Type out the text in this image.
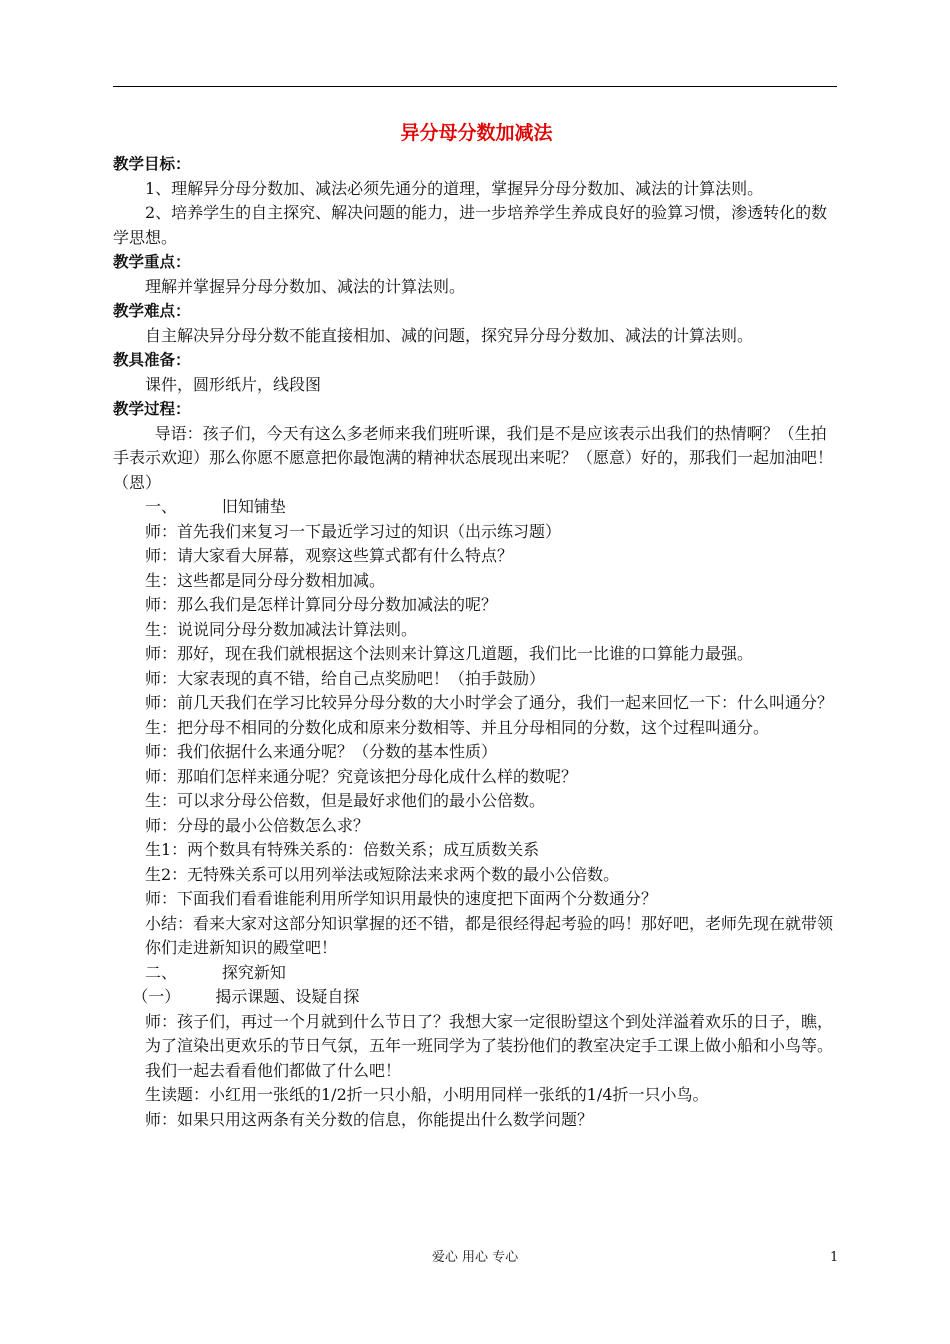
异分母分数加减法

教学目标：

1、理解异分母分数加、减法必须先通分的道理，掌握异分母分数加、减法的计算法则。

2、培养学生的自主探究、解决问题的能力，进一步培养学生养成良好的验算习惯，渗透转化的数学思想。

教学重点：

理解并掌握异分母分数加、减法的计算法则。

教学难点：

自主解决异分母分数不能直接相加、减的问题，探究异分母分数加、减法的计算法则。

教具准备：

课件，圆形纸片，线段图

教学过程：

导语：孩子们，今天有这么多老师来我们班听课，我们是不是应该表示出我们的热情啊？（生拍手表示欢迎）那么你愿不愿意把你最饱满的精神状态展现出来呢？（愿意）好的，那我们一起加油吧！（恩）

一、	旧知铺垫

师：首先我们来复习一下最近学习过的知识（出示练习题）

师：请大家看大屏幕，观察这些算式都有什么特点？

生：这些都是同分母分数相加减。

师：那么我们是怎样计算同分母分数加减法的呢？

生：说说同分母分数加减法计算法则。

师：那好，现在我们就根据这个法则来计算这几道题，我们比一比谁的口算能力最强。

师：大家表现的真不错，给自己点奖励吧！（拍手鼓励）

师：前几天我们在学习比较异分母分数的大小时学会了通分，我们一起来回忆一下：什么叫通分？

生：把分母不相同的分数化成和原来分数相等、并且分母相同的分数，这个过程叫通分。

师：我们依据什么来通分呢？（分数的基本性质）

师：那咱们怎样来通分呢？究竟该把分母化成什么样的数呢？

生：可以求分母公倍数，但是最好求他们的最小公倍数。

师：分母的最小公倍数怎么求？

生1：两个数具有特殊关系的：倍数关系；成互质数关系

生2：无特殊关系可以用列举法或短除法来求两个数的最小公倍数。

师：下面我们看看谁能利用所学知识用最快的速度把下面两个分数通分？

小结：看来大家对这部分知识掌握的还不错，都是很经得起考验的吗！那好吧，老师先现在就带领你们走进新知识的殿堂吧！

二、	探究新知

（一） 揭示课题、设疑自探

师：孩子们，再过一个月就到什么节日了？我想大家一定很盼望这个到处洋溢着欢乐的日子，瞧，为了渲染出更欢乐的节日气氛，五年一班同学为了装扮他们的教室决定手工课上做小船和小鸟等。我们一起去看看他们都做了什么吧！

生读题：小红用一张纸的1/2折一只小船，小明用同样一张纸的1/4折一只小鸟。

师：如果只用这两条有关分数的信息，你能提出什么数学问题？

爱心 用心 专心	1
